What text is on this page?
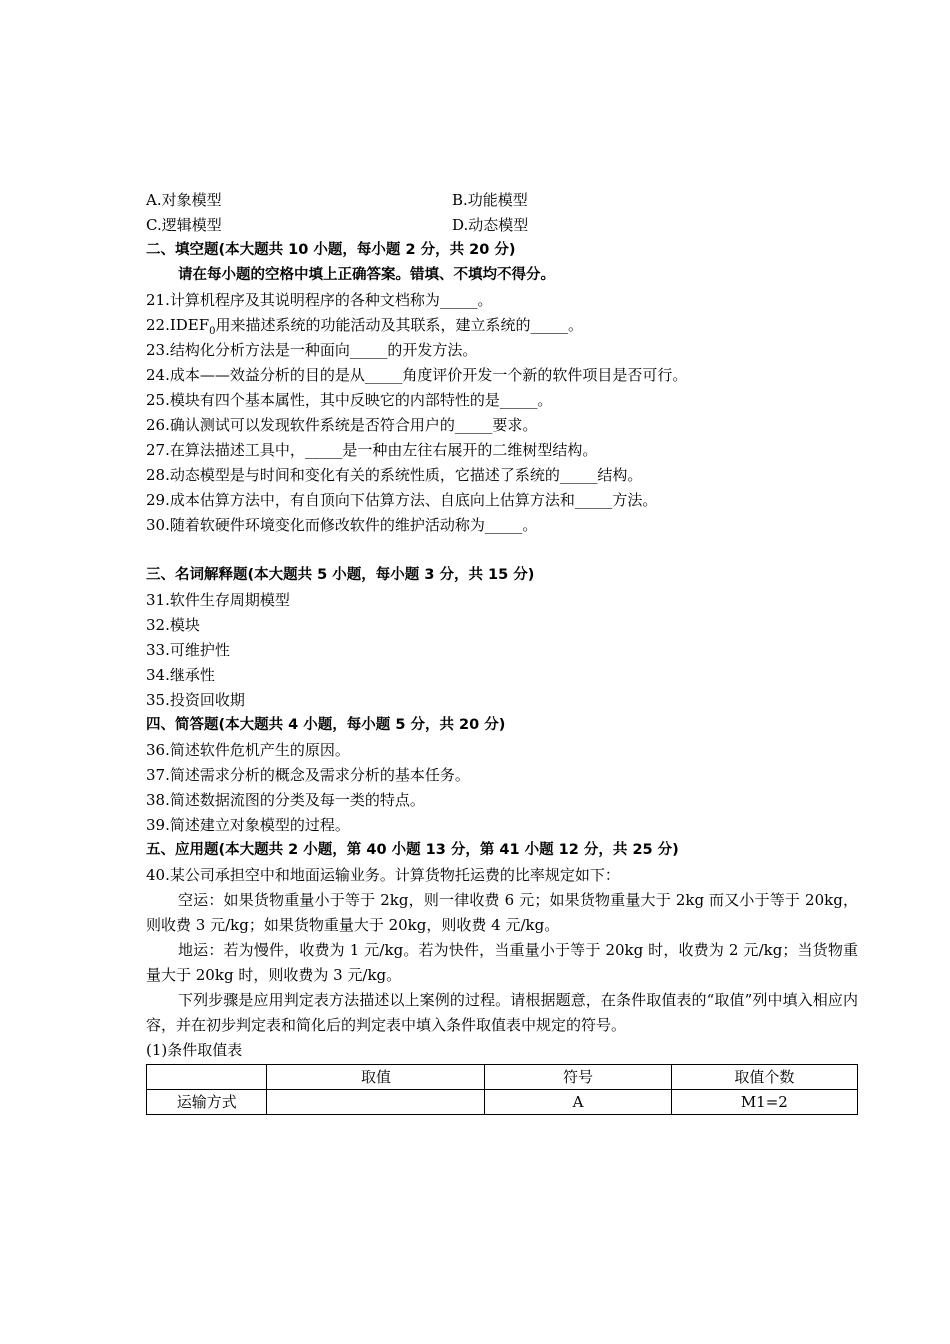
A.对象模型	B.功能模型
C.逻辑模型	D.动态模型
二、填空题(本大题共 10 小题，每小题 2 分，共 20 分)
请在每小题的空格中填上正确答案。错填、不填均不得分。
21.计算机程序及其说明程序的各种文档称为_____。
$22.IDEF_0$用来描述系统的功能活动及其联系，建立系统的_____。
23.结构化分析方法是一种面向_____的开发方法。
24.成本——效益分析的目的是从_____角度评价开发一个新的软件项目是否可行。
25.模块有四个基本属性，其中反映它的内部特性的是_____。
26.确认测试可以发现软件系统是否符合用户的_____要求。
27.在算法描述工具中，_____是一种由左往右展开的二维树型结构。
28.动态模型是与时间和变化有关的系统性质，它描述了系统的_____结构。
29.成本估算方法中，有自顶向下估算方法、自底向上估算方法和_____方法。
30.随着软硬件环境变化而修改软件的维护活动称为_____。
三、名词解释题(本大题共 5 小题，每小题 3 分，共 15 分)
31.软件生存周期模型
32.模块
33.可维护性
34.继承性
35.投资回收期
四、简答题(本大题共 4 小题，每小题 5 分，共 20 分)
36.简述软件危机产生的原因。
37.简述需求分析的概念及需求分析的基本任务。
38.简述数据流图的分类及每一类的特点。
39.简述建立对象模型的过程。
五、应用题(本大题共 2 小题，第 40 小题 13 分，第 41 小题 12 分，共 25 分)
40.某公司承担空中和地面运输业务。计算货物托运费的比率规定如下：
空运：如果货物重量小于等于 2kg，则一律收费 6 元；如果货物重量大于 2kg 而又小于等于 20kg，则收费 3 元/kg；如果货物重量大于 20kg，则收费 4 元/kg。
地运：若为慢件，收费为 1 元/kg。若为快件，当重量小于等于 20kg 时，收费为 2 元/kg；当货物重量大于 20kg 时，则收费为 3 元/kg。
下列步骤是应用判定表方法描述以上案例的过程。请根据题意，在条件取值表的“取值”列中填入相应内容，并在初步判定表和简化后的判定表中填入条件取值表中规定的符号。
(1)条件取值表
	取值	符号	取值个数
运输方式		A	M1=2
